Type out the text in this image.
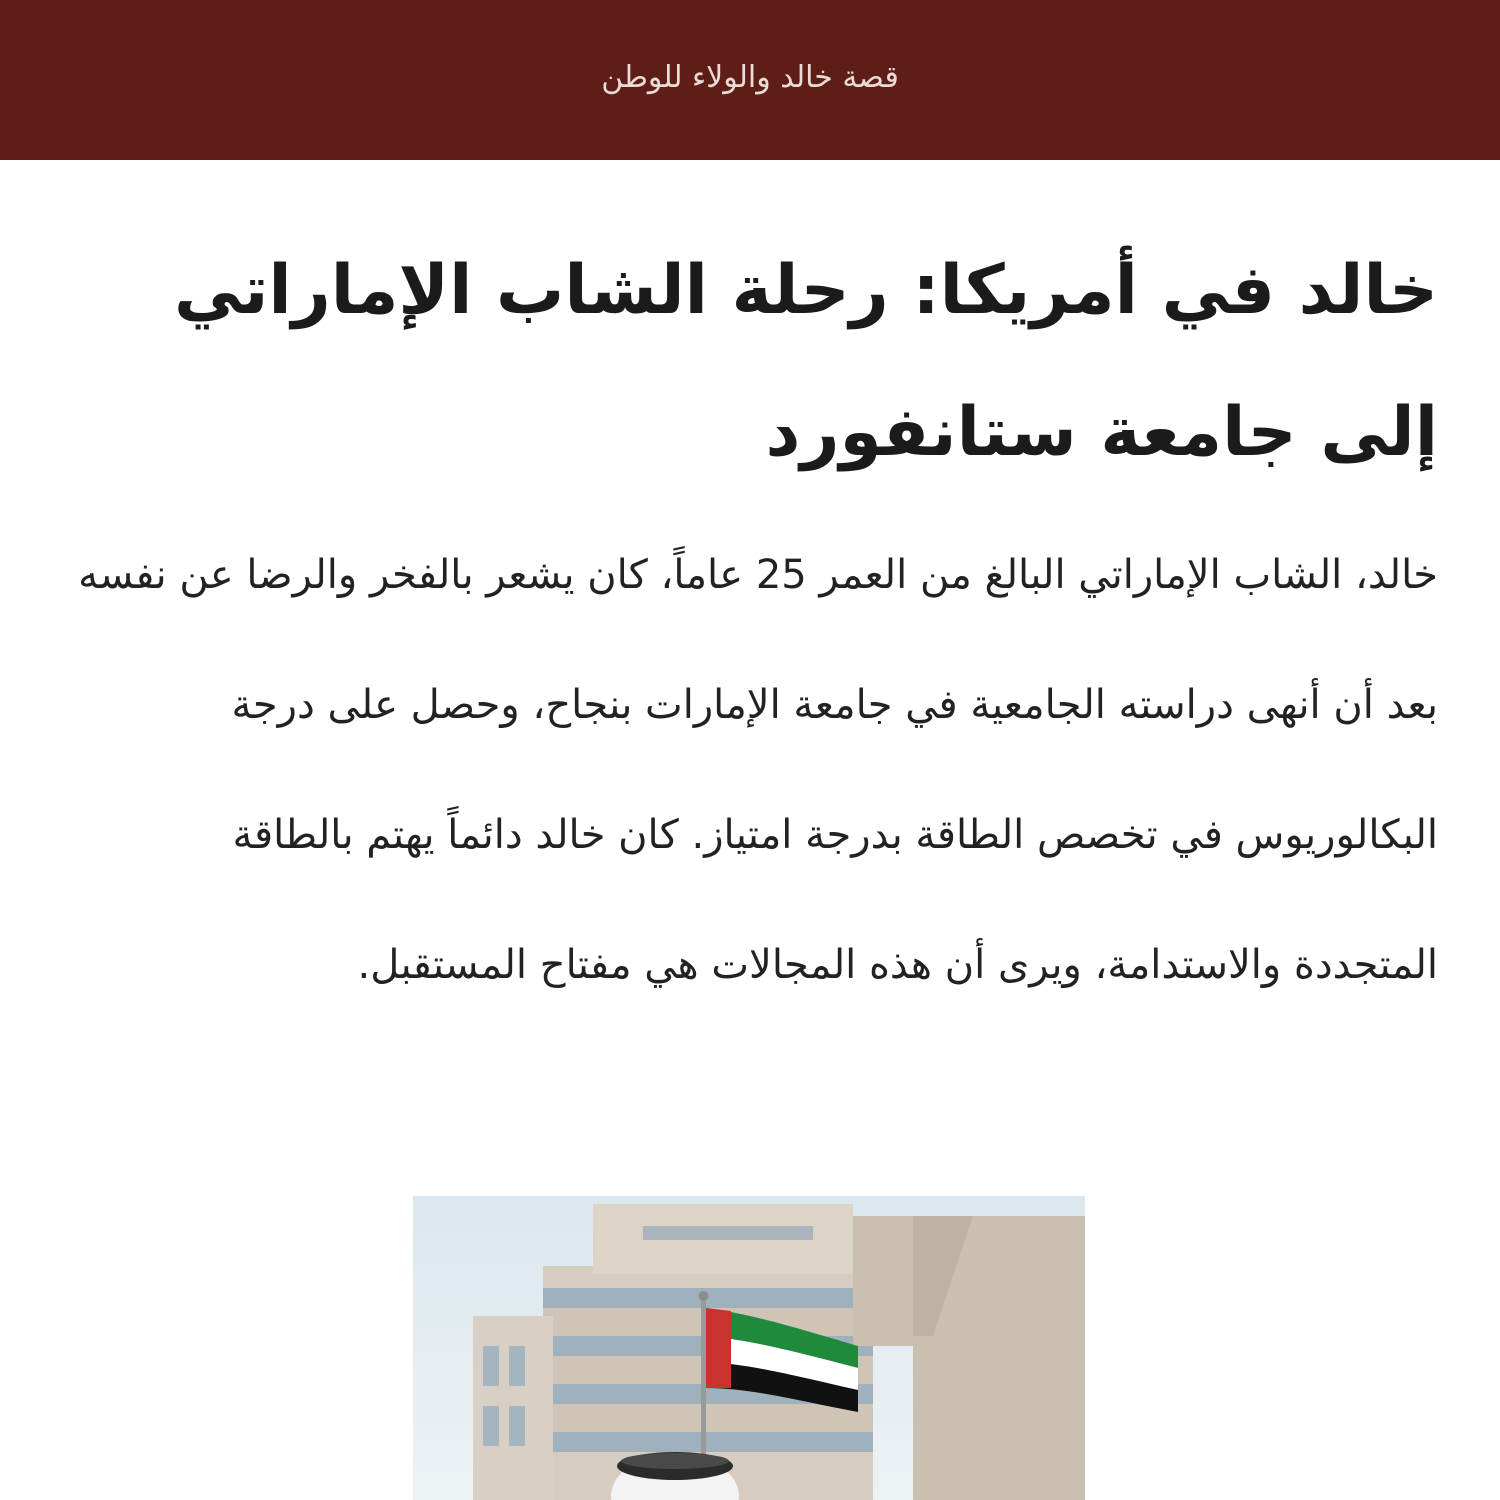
قصة خالد والولاء للوطن
خالد في أمريكا: رحلة الشاب الإماراتي إلى جامعة ستانفورد

خالد، الشاب الإماراتي البالغ من العمر 25 عاماً، كان يشعر بالفخر والرضا عن نفسه بعد أن أنهى دراسته الجامعية في جامعة الإمارات بنجاح، وحصل على درجة البكالوريوس في تخصص الطاقة بدرجة امتياز. كان خالد دائماً يهتم بالطاقة المتجددة والاستدامة، ويرى أن هذه المجالات هي مفتاح المستقبل.
